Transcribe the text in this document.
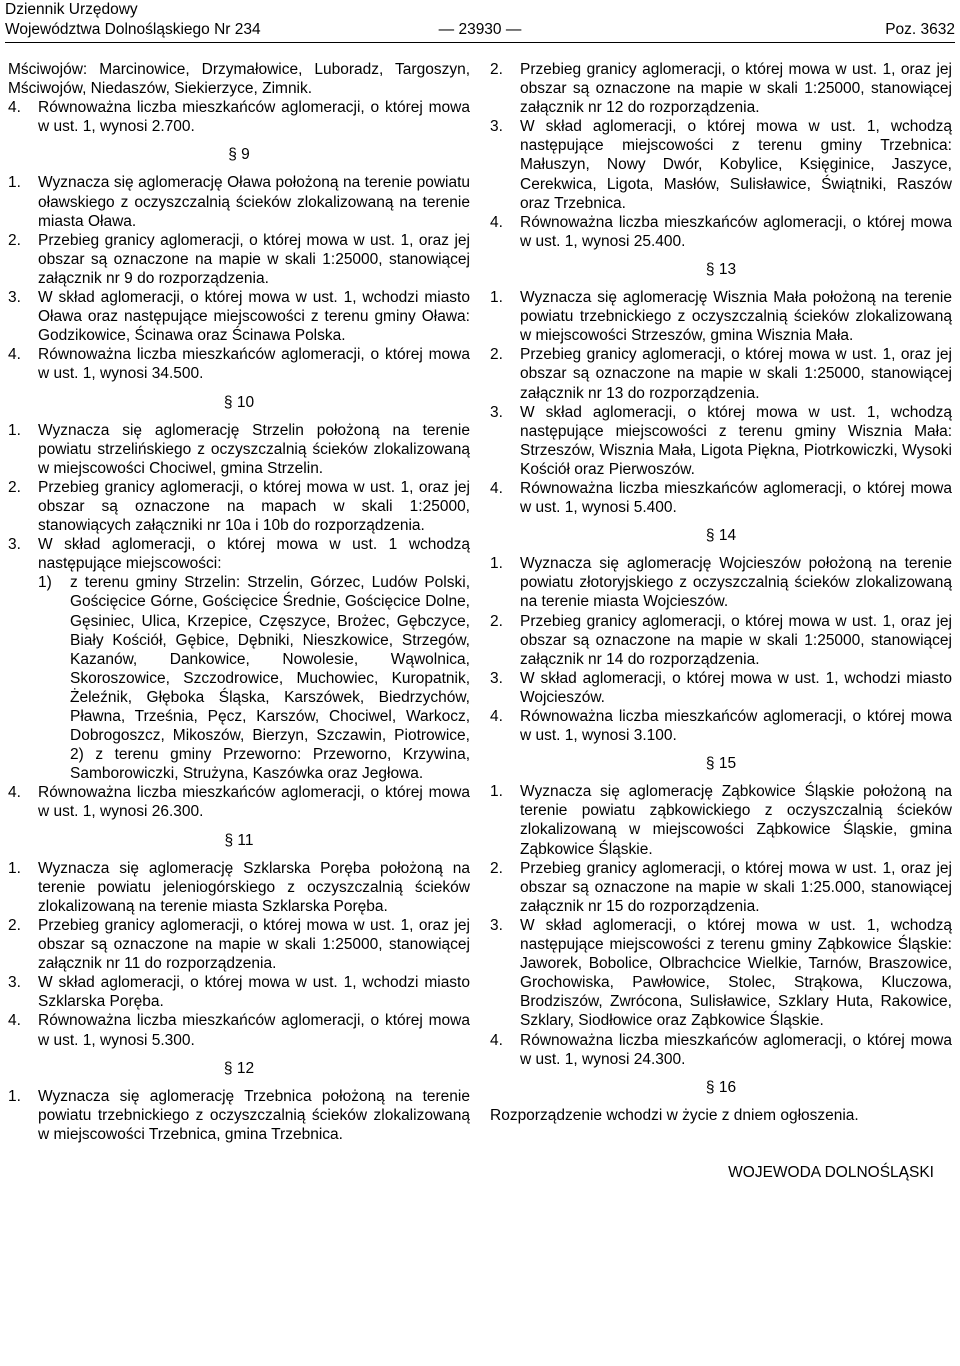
Dziennik Urzędowy
Województwa Dolnośląskiego Nr 234	— 23930 —	Poz. 3632

Mściwojów: Marcinowice, Drzymałowice, Luboradz, Targoszyn, Mściwojów, Niedaszów, Siekierzyce, Zimnik.

4. Równoważna liczba mieszkańców aglomeracji, o której mowa w ust. 1, wynosi 2.700.

§ 9

1. Wyznacza się aglomerację Oława położoną na terenie powiatu oławskiego z oczyszczalnią ścieków zlokalizowaną na terenie miasta Oława.

2. Przebieg granicy aglomeracji, o której mowa w ust. 1, oraz jej obszar są oznaczone na mapie w skali 1:25000, stanowiącej załącznik nr 9 do rozporządzenia.

3. W skład aglomeracji, o której mowa w ust. 1, wchodzi miasto Oława oraz następujące miejscowości z terenu gminy Oława: Godzikowice, Ścinawa oraz Ścinawa Polska.

4. Równoważna liczba mieszkańców aglomeracji, o której mowa w ust. 1, wynosi 34.500.

§ 10

1. Wyznacza się aglomerację Strzelin położoną na terenie powiatu strzelińskiego z oczyszczalnią ścieków zlokalizowaną w miejscowości Chociwel, gmina Strzelin.

2. Przebieg granicy aglomeracji, o której mowa w ust. 1, oraz jej obszar są oznaczone na mapach w skali 1:25000, stanowiących załączniki nr 10a i 10b do rozporządzenia.

3. W skład aglomeracji, o której mowa w ust. 1 wchodzą następujące miejscowości:

1) z terenu gminy Strzelin: Strzelin, Górzec, Ludów Polski, Gościęcice Górne, Gościęcice Średnie, Gościęcice Dolne, Gęsiniec, Ulica, Krzepice, Częszyce, Brożec, Gębczyce, Biały Kościół, Gębice, Dębniki, Nieszkowice, Strzegów, Kazanów, Dankowice, Nowolesie, Wąwolnica, Skoroszowice, Szczodrowice, Muchowiec, Kuropatnik, Żeleźnik, Głęboka Śląska, Karszówek, Biedrzychów, Pławna, Trześnia, Pęcz, Karszów, Chociwel, Warkocz, Dobrogoszcz, Mikoszów, Bierzyn, Szczawin, Piotrowice, 2) z terenu gminy Przeworno: Przeworno, Krzywina, Samborowiczki, Strużyna, Kaszówka oraz Jegłowa.

4. Równoważna liczba mieszkańców aglomeracji, o której mowa w ust. 1, wynosi 26.300.

§ 11

1. Wyznacza się aglomerację Szklarska Poręba położoną na terenie powiatu jeleniogórskiego z oczyszczalnią ścieków zlokalizowaną na terenie miasta Szklarska Poręba.

2. Przebieg granicy aglomeracji, o której mowa w ust. 1, oraz jej obszar są oznaczone na mapie w skali 1:25000, stanowiącej załącznik nr 11 do rozporządzenia.

3. W skład aglomeracji, o której mowa w ust. 1, wchodzi miasto Szklarska Poręba.

4. Równoważna liczba mieszkańców aglomeracji, o której mowa w ust. 1, wynosi 5.300.

§ 12

1. Wyznacza się aglomerację Trzebnica położoną na terenie powiatu trzebnickiego z oczyszczalnią ścieków zlokalizowaną w miejscowości Trzebnica, gmina Trzebnica.

2. Przebieg granicy aglomeracji, o której mowa w ust. 1, oraz jej obszar są oznaczone na mapie w skali 1:25000, stanowiącej załącznik nr 12 do rozporządzenia.

3. W skład aglomeracji, o której mowa w ust. 1, wchodzą następujące miejscowości z terenu gminy Trzebnica: Małuszyn, Nowy Dwór, Kobylice, Księginice, Jaszyce, Cerekwica, Ligota, Masłów, Sulisławice, Świątniki, Raszów oraz Trzebnica.

4. Równoważna liczba mieszkańców aglomeracji, o której mowa w ust. 1, wynosi 25.400.

§ 13

1. Wyznacza się aglomerację Wisznia Mała położoną na terenie powiatu trzebnickiego z oczyszczalnią ścieków zlokalizowaną w miejscowości Strzeszów, gmina Wisznia Mała.

2. Przebieg granicy aglomeracji, o której mowa w ust. 1, oraz jej obszar są oznaczone na mapie w skali 1:25000, stanowiącej załącznik nr 13 do rozporządzenia.

3. W skład aglomeracji, o której mowa w ust. 1, wchodzą następujące miejscowości z terenu gminy Wisznia Mała: Strzeszów, Wisznia Mała, Ligota Piękna, Piotrkowiczki, Wysoki Kościół oraz Pierwoszów.

4. Równoważna liczba mieszkańców aglomeracji, o której mowa w ust. 1, wynosi 5.400.

§ 14

1. Wyznacza się aglomerację Wojcieszów położoną na terenie powiatu złotoryjskiego z oczyszczalnią ścieków zlokalizowaną na terenie miasta Wojcieszów.

2. Przebieg granicy aglomeracji, o której mowa w ust. 1, oraz jej obszar są oznaczone na mapie w skali 1:25000, stanowiącej załącznik nr 14 do rozporządzenia.

3. W skład aglomeracji, o której mowa w ust. 1, wchodzi miasto Wojcieszów.

4. Równoważna liczba mieszkańców aglomeracji, o której mowa w ust. 1, wynosi 3.100.

§ 15

1. Wyznacza się aglomerację Ząbkowice Śląskie położoną na terenie powiatu ząbkowickiego z oczyszczalnią ścieków zlokalizowaną w miejscowości Ząbkowice Śląskie, gmina Ząbkowice Śląskie.

2. Przebieg granicy aglomeracji, o której mowa w ust. 1, oraz jej obszar są oznaczone na mapie w skali 1:25.000, stanowiącej załącznik nr 15 do rozporządzenia.

3. W skład aglomeracji, o której mowa w ust. 1, wchodzą następujące miejscowości z terenu gminy Ząbkowice Śląskie: Jaworek, Bobolice, Olbrachcice Wielkie, Tarnów, Braszowice, Grochowiska, Pawłowice, Stolec, Strąkowa, Kluczowa, Brodziszów, Zwrócona, Sulisławice, Szklary Huta, Rakowice, Szklary, Siodłowice oraz Ząbkowice Śląskie.

4. Równoważna liczba mieszkańców aglomeracji, o której mowa w ust. 1, wynosi 24.300.

§ 16

Rozporządzenie wchodzi w życie z dniem ogłoszenia.

WOJEWODA DOLNOŚLĄSKI
